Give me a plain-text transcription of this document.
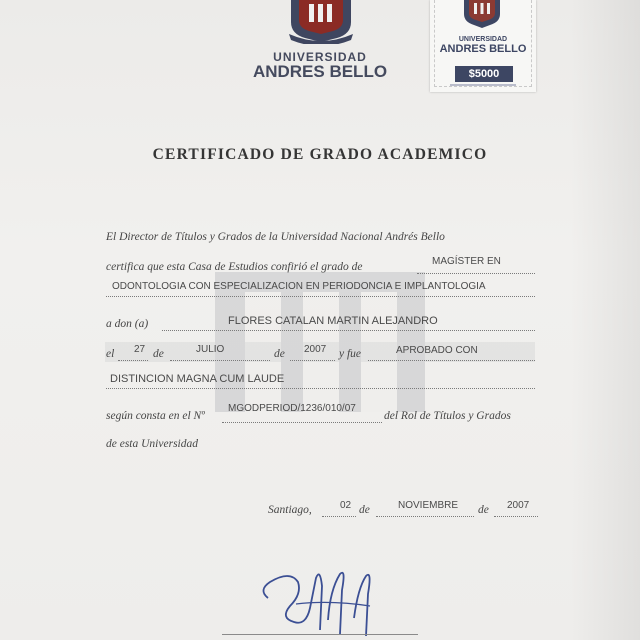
UNIVERSIDAD
ANDRES BELLO
UNIVERSIDAD
ANDRES BELLO
$5000
CERTIFICADO DE GRADO ACADEMICO
El Director de Títulos y Grados de la Universidad Nacional Andrés Bello
certifica que esta Casa de Estudios confirió el grado de	MAGÍSTER EN
ODONTOLOGIA CON ESPECIALIZACION EN PERIODONCIA E IMPLANTOLOGIA
a don (a)	FLORES CATALAN MARTIN ALEJANDRO
el 27 de	JULIO	de 2007 y fue	APROBADO CON
DISTINCION MAGNA CUM LAUDE
según consta en el Nº
MGODPERIOD/1236/010/07
del Rol de Títulos y Grados
de esta Universidad
Santiago,	02 de	NOVIEMBRE de 2007
